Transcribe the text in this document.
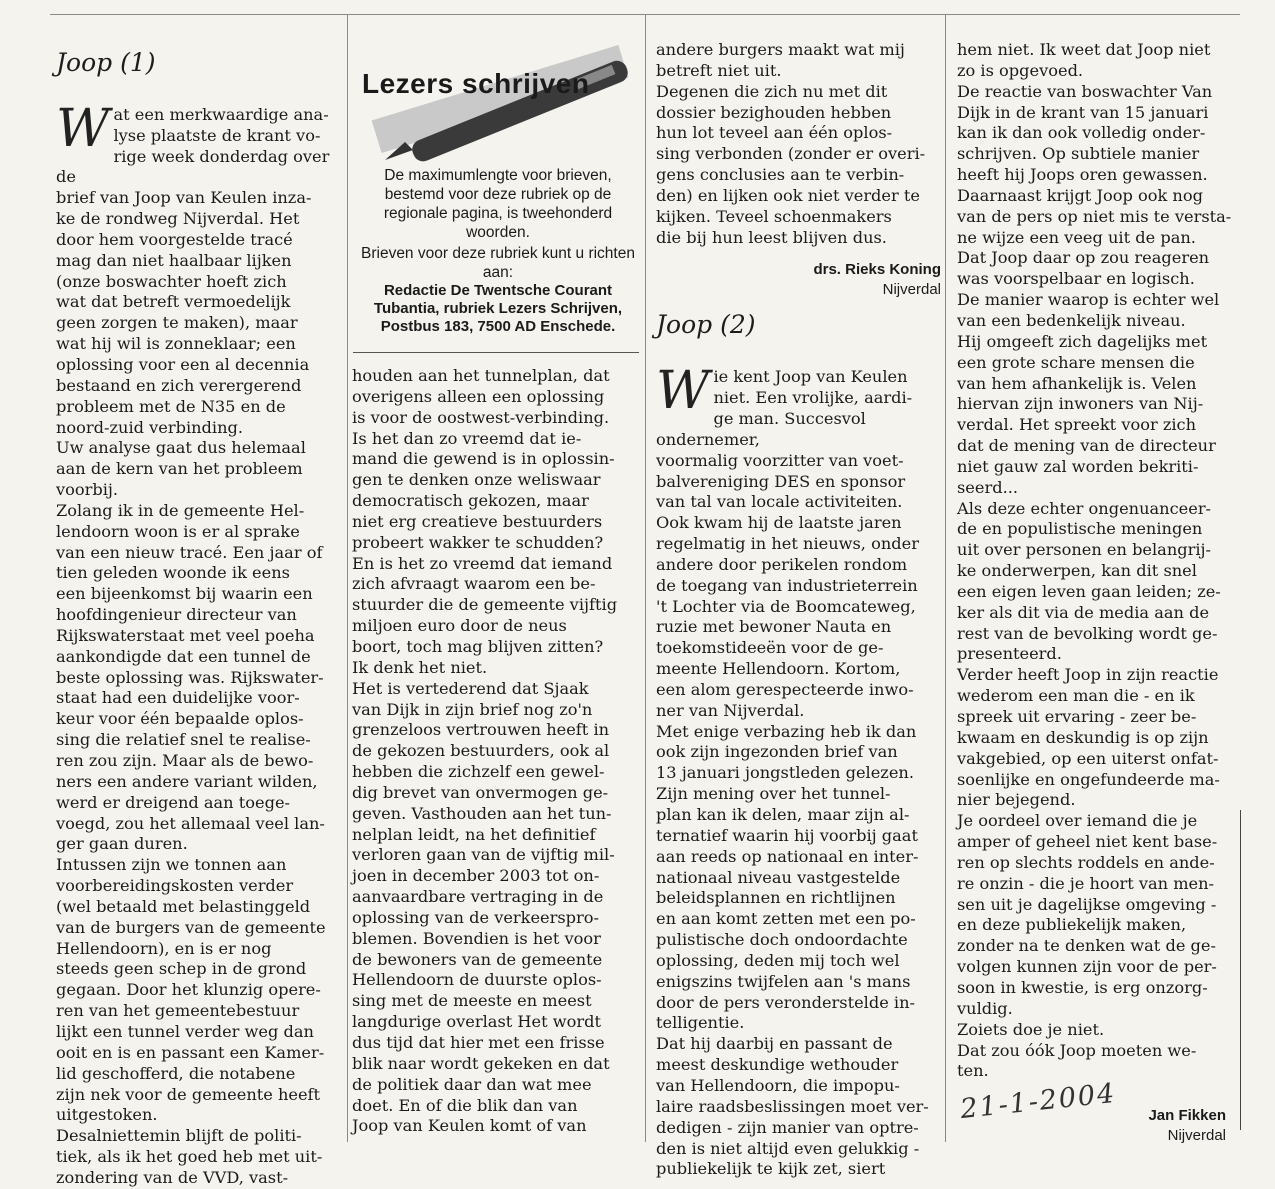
Joop (1)

Wat een merkwaardige ana-
lyse plaatste de krant vo-
rige week donderdag over de
brief van Joop van Keulen inza-
ke de rondweg Nijverdal. Het
door hem voorgestelde tracé
mag dan niet haalbaar lijken
(onze boswachter hoeft zich
wat dat betreft vermoedelijk
geen zorgen te maken), maar
wat hij wil is zonneklaar; een
oplossing voor een al decennia
bestaand en zich verergerend
probleem met de N35 en de
noord-zuid verbinding.

Uw analyse gaat dus helemaal
aan de kern van het probleem
voorbij.
Zolang ik in de gemeente Hel-
lendoorn woon is er al sprake
van een nieuw tracé. Een jaar of
tien geleden woonde ik eens
een bijeenkomst bij waarin een
hoofdingenieur directeur van
Rijkswaterstaat met veel poeha
aankondigde dat een tunnel de
beste oplossing was. Rijkswater-
staat had een duidelijke voor-
keur voor één bepaalde oplos-
sing die relatief snel te realise-
ren zou zijn. Maar als de bewo-
ners een andere variant wilden,
werd er dreigend aan toege-
voegd, zou het allemaal veel lan-
ger gaan duren.
Intussen zijn we tonnen aan
voorbereidingskosten verder
(wel betaald met belastinggeld
van de burgers van de gemeente
Hellendoorn), en is er nog
steeds geen schep in de grond
gegaan. Door het klunzig opere-
ren van het gemeentebestuur
lijkt een tunnel verder weg dan
ooit en is en passant een Kamer-
lid geschofferd, die notabene
zijn nek voor de gemeente heeft
uitgestoken.
Desalniettemin blijft de politi-
tiek, als ik het goed heb met uit-
zondering van de VVD, vast-

Lezers schrijven
De maximumlengte voor brieven, bestemd voor deze rubriek op de regionale pagina, is tweehonderd woorden.
Brieven voor deze rubriek kunt u richten aan:
Redactie De Twentsche Courant Tubantia, rubriek Lezers Schrijven, Postbus 183, 7500 AD Enschede.

houden aan het tunnelplan, dat
overigens alleen een oplossing
is voor de oostwest-verbinding.
Is het dan zo vreemd dat ie-
mand die gewend is in oplossin-
gen te denken onze weliswaar
democratisch gekozen, maar
niet erg creatieve bestuurders
probeert wakker te schudden?
En is het zo vreemd dat iemand
zich afvraagt waarom een be-
stuurder die de gemeente vijftig
miljoen euro door de neus
boort, toch mag blijven zitten?
Ik denk het niet.
Het is vertederend dat Sjaak
van Dijk in zijn brief nog zo'n
grenzeloos vertrouwen heeft in
de gekozen bestuurders, ook al
hebben die zichzelf een gewel-
dig brevet van onvermogen ge-
geven. Vasthouden aan het tun-
nelplan leidt, na het definitief
verloren gaan van de vijftig mil-
joen in december 2003 tot on-
aanvaardbare vertraging in de
oplossing van de verkeerspro-
blemen. Bovendien is het voor
de bewoners van de gemeente
Hellendoorn de duurste oplos-
sing met de meeste en meest
langdurige overlast Het wordt
dus tijd dat hier met een frisse
blik naar wordt gekeken en dat
de politiek daar dan wat mee
doet. En of die blik dan van
Joop van Keulen komt of van

andere burgers maakt wat mij
betreft niet uit.
Degenen die zich nu met dit
dossier bezighouden hebben
hun lot teveel aan één oplos-
sing verbonden (zonder er overi-
gens conclusies aan te verbin-
den) en lijken ook niet verder te
kijken. Teveel schoenmakers
die bij hun leest blijven dus.

drs. Rieks Koning
Nijverdal
Joop (2)

Wie kent Joop van Keulen
niet. Een vrolijke, aardi-
ge man. Succesvol ondernemer,
voormalig voorzitter van voet-
balvereniging DES en sponsor
van tal van locale activiteiten.
Ook kwam hij de laatste jaren
regelmatig in het nieuws, onder
andere door perikelen rondom
de toegang van industrieterrein
't Lochter via de Boomcateweg,
ruzie met bewoner Nauta en
toekomstideeën voor de ge-
meente Hellendoorn. Kortom,
een alom gerespecteerde inwo-
ner van Nijverdal.
Met enige verbazing heb ik dan
ook zijn ingezonden brief van
13 januari jongstleden gelezen.
Zijn mening over het tunnel-
plan kan ik delen, maar zijn al-
ternatief waarin hij voorbij gaat
aan reeds op nationaal en inter-
nationaal niveau vastgestelde
beleidsplannen en richtlijnen
en aan komt zetten met een po-
pulistische doch ondoordachte
oplossing, deden mij toch wel
enigszins twijfelen aan 's mans
door de pers veronderstelde in-
telligentie.
Dat hij daarbij en passant de
meest deskundige wethouder
van Hellendoorn, die impopu-
laire raadsbeslissingen moet ver-
dedigen - zijn manier van optre-
den is niet altijd even gelukkig -
publiekelijk te kijk zet, siert

hem niet. Ik weet dat Joop niet
zo is opgevoed.
De reactie van boswachter Van
Dijk in de krant van 15 januari
kan ik dan ook volledig onder-
schrijven. Op subtiele manier
heeft hij Joops oren gewassen.
Daarnaast krijgt Joop ook nog
van de pers op niet mis te versta-
ne wijze een veeg uit de pan.
Dat Joop daar op zou reageren
was voorspelbaar en logisch.
De manier waarop is echter wel
van een bedenkelijk niveau.
Hij omgeeft zich dagelijks met
een grote schare mensen die
van hem afhankelijk is. Velen
hiervan zijn inwoners van Nij-
verdal. Het spreekt voor zich
dat de mening van de directeur
niet gauw zal worden bekriti-
seerd...
Als deze echter ongenuanceer-
de en populistische meningen
uit over personen en belangrij-
ke onderwerpen, kan dit snel
een eigen leven gaan leiden; ze-
ker als dit via de media aan de
rest van de bevolking wordt ge-
presenteerd.
Verder heeft Joop in zijn reactie
wederom een man die - en ik
spreek uit ervaring - zeer be-
kwaam en deskundig is op zijn
vakgebied, op een uiterst onfat-
soenlijke en ongefundeerde ma-
nier bejegend.
Je oordeel over iemand die je
amper of geheel niet kent base-
ren op slechts roddels en ande-
re onzin - die je hoort van men-
sen uit je dagelijkse omgeving -
en deze publiekelijk maken,
zonder na te denken wat de ge-
volgen kunnen zijn voor de per-
soon in kwestie, is erg onzorg-
vuldig.
Zoiets doe je niet.
Dat zou óók Joop moeten we-
ten.

21-1-2004	Jan Fikken
Nijverdal
